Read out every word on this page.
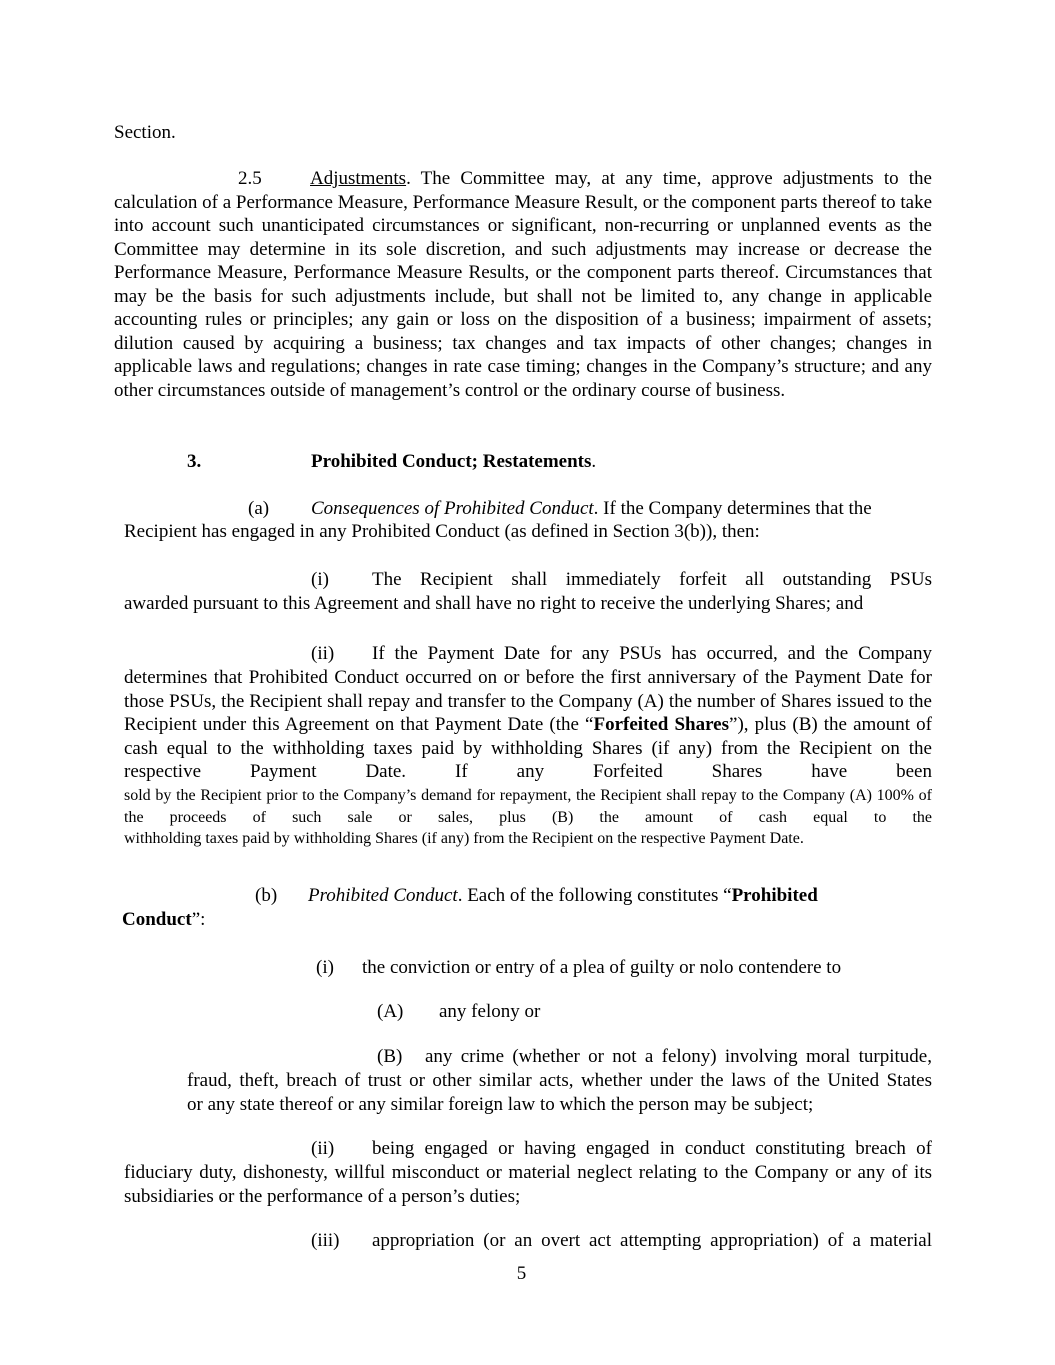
Section.
2.5	Adjustments. The Committee may, at any time, approve adjustments to the calculation of a Performance Measure, Performance Measure Result, or the component parts thereof to take into account such unanticipated circumstances or significant, non-recurring or unplanned events as the Committee may determine in its sole discretion, and such adjustments may increase or decrease the Performance Measure, Performance Measure Results, or the component parts thereof. Circumstances that may be the basis for such adjustments include, but shall not be limited to, any change in applicable accounting rules or principles; any gain or loss on the disposition of a business; impairment of assets; dilution caused by acquiring a business; tax changes and tax impacts of other changes; changes in applicable laws and regulations; changes in rate case timing; changes in the Company’s structure; and any other circumstances outside of management’s control or the ordinary course of business.
3.	Prohibited Conduct; Restatements.
(a) Consequences of Prohibited Conduct. If the Company determines that the
Recipient has engaged in any Prohibited Conduct (as defined in Section 3(b)), then:
(i) The Recipient shall immediately forfeit all outstanding PSUs
awarded pursuant to this Agreement and shall have no right to receive the underlying Shares; and
(ii) If the Payment Date for any PSUs has occurred, and the Company
determines that Prohibited Conduct occurred on or before the first anniversary of the Payment Date for those PSUs, the Recipient shall repay and transfer to the Company (A) the number of Shares issued to the Recipient under this Agreement on that Payment Date (the “Forfeited Shares”), plus (B) the amount of cash equal to the withholding taxes paid by withholding Shares (if any) from the Recipient on the respective Payment Date. If any Forfeited Shares have been
sold by the Recipient prior to the Company’s demand for repayment, the Recipient shall repay to the Company (A) 100% of the proceeds of such sale or sales, plus (B) the amount of cash equal to the
withholding taxes paid by withholding Shares (if any) from the Recipient on the respective Payment Date.
(b) Prohibited Conduct. Each of the following constitutes “Prohibited
Conduct”:
(i) the conviction or entry of a plea of guilty or nolo contendere to
(A) any felony or
(B) any crime (whether or not a felony) involving moral turpitude,
fraud, theft, breach of trust or other similar acts, whether under the laws of the United States
or any state thereof or any similar foreign law to which the person may be subject;
(ii) being engaged or having engaged in conduct constituting breach of
fiduciary duty, dishonesty, willful misconduct or material neglect relating to the Company or any of its subsidiaries or the performance of a person’s duties;
(iii) appropriation (or an overt act attempting appropriation) of a material
5
